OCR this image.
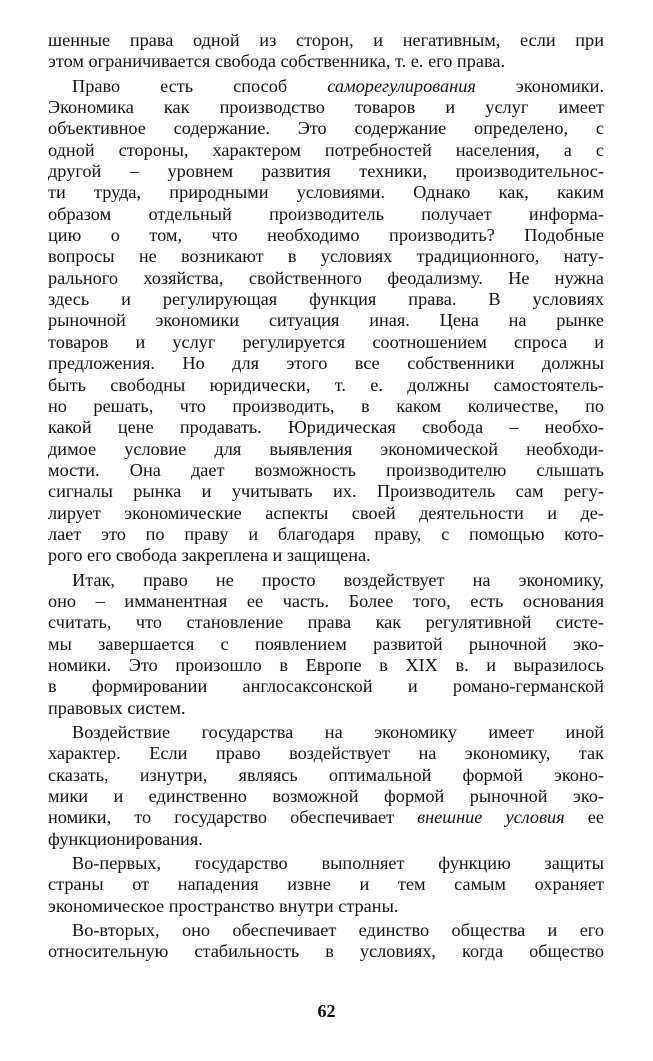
шенные права одной из сторон, и негативным, если при
этом ограничивается свобода собственника, т. е. его права.
Право есть способ саморегулирования экономики.
Экономика как производство товаров и услуг имеет
объективное содержание. Это содержание определено, с
одной стороны, характером потребностей населения, а с
другой – уровнем развития техники, производительнос-
ти труда, природными условиями. Однако как, каким
образом отдельный производитель получает информа-
цию о том, что необходимо производить? Подобные
вопросы не возникают в условиях традиционного, нату-
рального хозяйства, свойственного феодализму. Не нужна
здесь и регулирующая функция права. В условиях
рыночной экономики ситуация иная. Цена на рынке
товаров и услуг регулируется соотношением спроса и
предложения. Но для этого все собственники должны
быть свободны юридически, т. е. должны самостоятель-
но решать, что производить, в каком количестве, по
какой цене продавать. Юридическая свобода – необхо-
димое условие для выявления экономической необходи-
мости. Она дает возможность производителю слышать
сигналы рынка и учитывать их. Производитель сам регу-
лирует экономические аспекты своей деятельности и де-
лает это по праву и благодаря праву, с помощью кото-
рого его свобода закреплена и защищена.
Итак, право не просто воздействует на экономику,
оно – имманентная ее часть. Более того, есть основания
считать, что становление права как регулятивной систе-
мы завершается с появлением развитой рыночной эко-
номики. Это произошло в Европе в XIX в. и выразилось
в формировании англосаксонской и романо-германской
правовых систем.
Воздействие государства на экономику имеет иной
характер. Если право воздействует на экономику, так
сказать, изнутри, являясь оптимальной формой эконо-
мики и единственно возможной формой рыночной эко-
номики, то государство обеспечивает внешние условия ее
функционирования.
Во-первых, государство выполняет функцию защиты
страны от нападения извне и тем самым охраняет
экономическое пространство внутри страны.
Во-вторых, оно обеспечивает единство общества и его
относительную стабильность в условиях, когда общество
62
